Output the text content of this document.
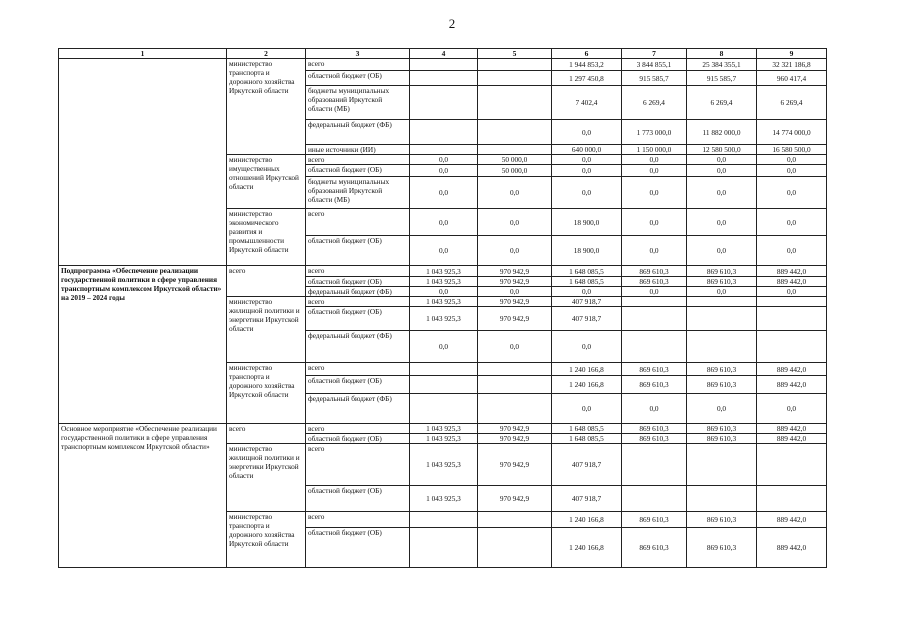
2
1	2	3	4	5	6	7	8	9
	министерство транспорта и дорожного хозяйства Иркутской области	всего			1 944 853,2	3 844 855,1	25 384 355,1	32 321 186,8
		областной бюджет (ОБ)			1 297 450,8	915 585,7	915 585,7	960 417,4
		бюджеты муниципальных образований Иркутской области (МБ)			7 402,4	6 269,4	6 269,4	6 269,4
		федеральный бюджет (ФБ)			0,0	1 773 000,0	11 882 000,0	14 774 000,0
		иные источники (ИИ)			640 000,0	1 150 000,0	12 580 500,0	16 580 500,0
	министерство имущественных отношений Иркутской области	всего	0,0	50 000,0	0,0	0,0	0,0	0,0
		областной бюджет (ОБ)	0,0	50 000,0	0,0	0,0	0,0	0,0
		бюджеты муниципальных образований Иркутской области (МБ)	0,0	0,0	0,0	0,0	0,0	0,0
	министерство экономического развития и промышленности Иркутской области	всего	0,0	0,0	18 900,0	0,0	0,0	0,0
		областной бюджет (ОБ)	0,0	0,0	18 900,0	0,0	0,0	0,0
Подпрограмма «Обеспечение реализации государственной политики в сфере управления транспортным комплексом Иркутской области» на 2019 – 2024 годы	всего	всего	1 043 925,3	970 942,9	1 648 085,5	869 610,3	869 610,3	889 442,0
		областной бюджет (ОБ)	1 043 925,3	970 942,9	1 648 085,5	869 610,3	869 610,3	889 442,0
		федеральный бюджет (ФБ)	0,0	0,0	0,0	0,0	0,0	0,0
	министерство жилищной политики и энергетики Иркутской области	всего	1 043 925,3	970 942,9	407 918,7			
		областной бюджет (ОБ)	1 043 925,3	970 942,9	407 918,7			
		федеральный бюджет (ФБ)	0,0	0,0	0,0			
	министерство транспорта и дорожного хозяйства Иркутской области	всего			1 240 166,8	869 610,3	869 610,3	889 442,0
		областной бюджет (ОБ)			1 240 166,8	869 610,3	869 610,3	889 442,0
		федеральный бюджет (ФБ)			0,0	0,0	0,0	0,0
Основное мероприятие «Обеспечение реализации государственной политики в сфере управления транспортным комплексом Иркутской области»	всего	всего	1 043 925,3	970 942,9	1 648 085,5	869 610,3	869 610,3	889 442,0
		областной бюджет (ОБ)	1 043 925,3	970 942,9	1 648 085,5	869 610,3	869 610,3	889 442,0
	министерство жилищной политики и энергетики Иркутской области	всего	1 043 925,3	970 942,9	407 918,7			
		областной бюджет (ОБ)	1 043 925,3	970 942,9	407 918,7			
	министерство транспорта и дорожного хозяйства Иркутской области	всего			1 240 166,8	869 610,3	869 610,3	889 442,0
		областной бюджет (ОБ)			1 240 166,8	869 610,3	869 610,3	889 442,0
